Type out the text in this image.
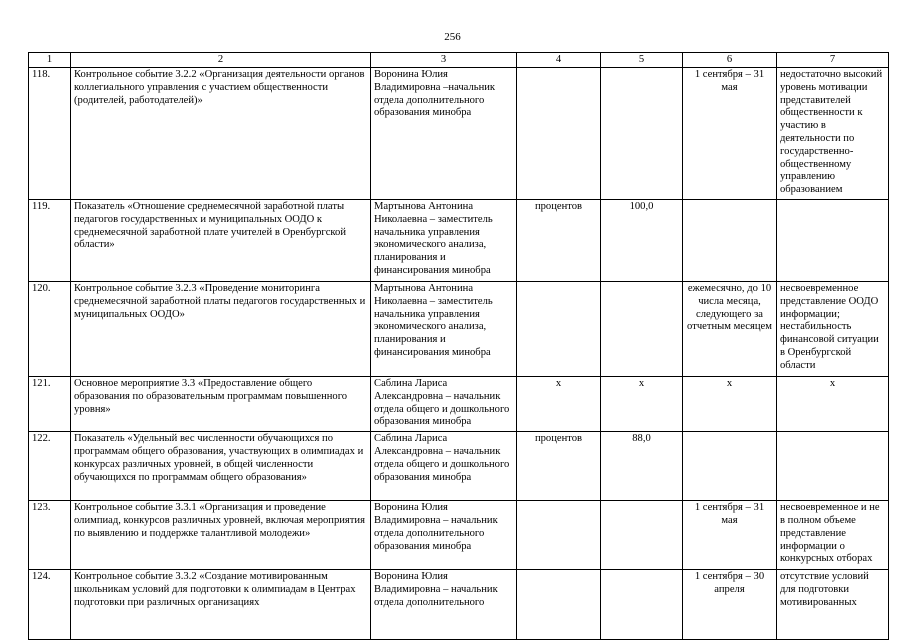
256
1	2	3	4	5	6	7
118.	Контрольное событие 3.2.2 «Организация деятельности органов коллегиального управления с участием общественности (родителей, работодателей)»	Воронина Юлия Владимировна –начальник отдела дополнительного образования минобра			1 сентября – 31 мая	недостаточно высокий уровень мотивации представителей общественности к участию в деятельности по государственно-общественному управлению образованием
119.	Показатель «Отношение среднемесячной заработной платы педагогов государственных и муниципальных ООДО к среднемесячной заработной плате учителей в Оренбургской области»	Мартынова Антонина Николаевна – заместитель начальника управления экономического анализа, планирования и финансирования минобра	процентов	100,0		
120.	Контрольное событие 3.2.3 «Проведение мониторинга среднемесячной заработной платы педагогов государственных и муниципальных ООДО»	Мартынова Антонина Николаевна – заместитель начальника управления экономического анализа, планирования и финансирования минобра			ежемесячно, до 10 числа месяца, следующего за отчетным месяцем	несвоевременное представление ООДО информации; нестабильность финансовой ситуации в Оренбургской области
121.	Основное мероприятие 3.3 «Предоставление общего образования по образовательным программам повышенного уровня»	Саблина Лариса Александровна – начальник отдела общего и дошкольного образования минобра	x	x	x	x
122.	Показатель «Удельный вес численности обучающихся по программам общего образования, участвующих в олимпиадах и конкурсах различных уровней, в общей численности обучающихся по программам общего образования»	Саблина Лариса Александровна – начальник отдела общего и дошкольного образования минобра	процентов	88,0		
123.	Контрольное событие 3.3.1 «Организация и проведение олимпиад, конкурсов различных уровней, включая мероприятия по выявлению и поддержке талантливой молодежи»	Воронина Юлия Владимировна – начальник отдела дополнительного образования минобра			1 сентября – 31 мая	несвоевременное и не в полном объеме представление информации о конкурсных отборах
124.	Контрольное событие 3.3.2 «Создание мотивированным школьникам условий для подготовки к олимпиадам в Центрах подготовки при различных организациях	Воронина Юлия Владимировна – начальник отдела дополнительного			1 сентября – 30 апреля	отсутствие условий для подготовки мотивированных
